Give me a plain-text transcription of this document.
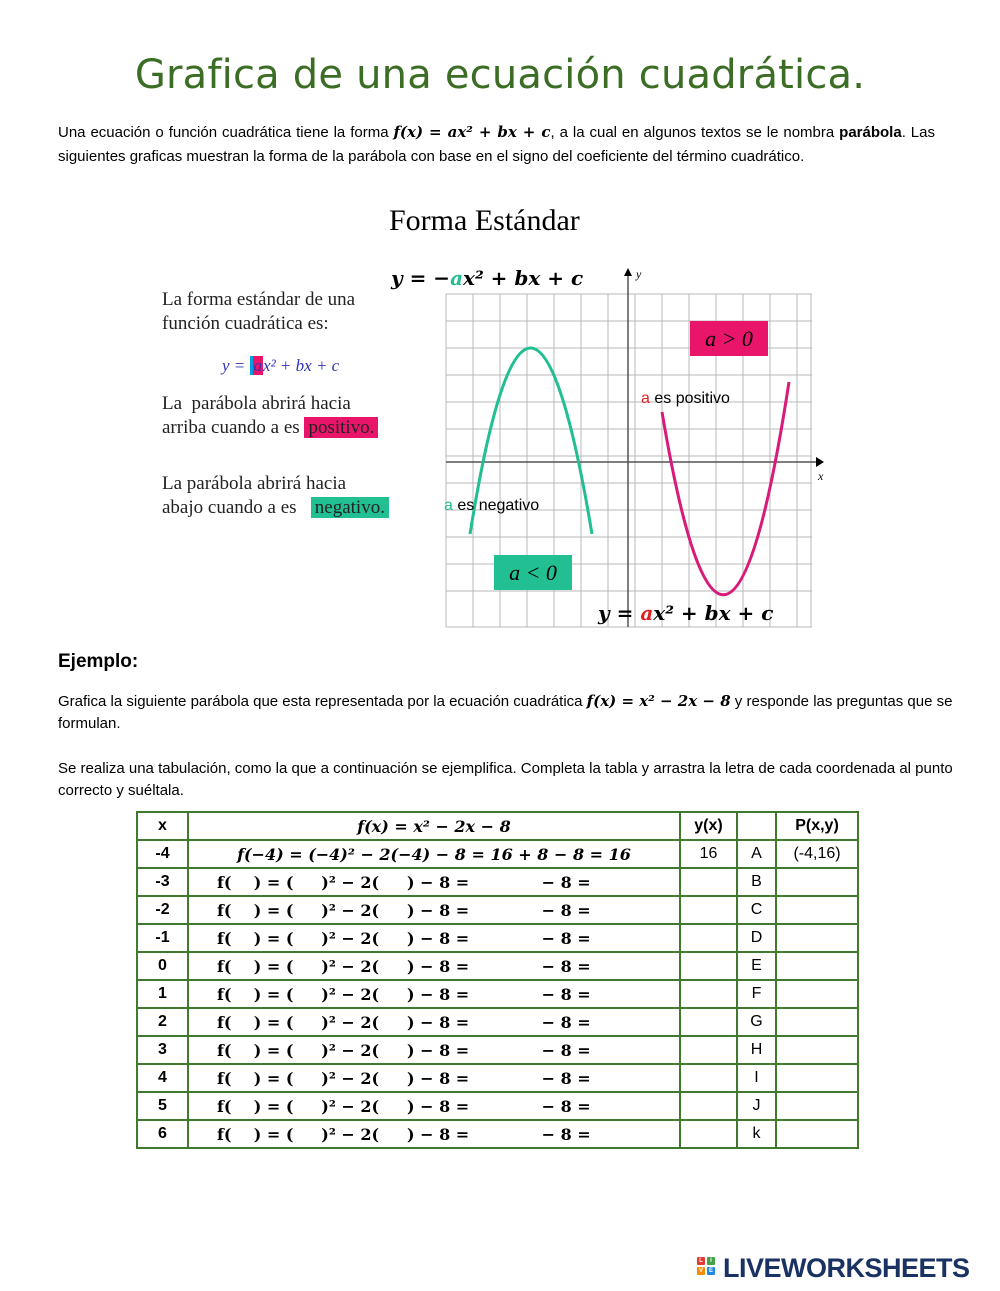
Grafica de una ecuación cuadrática.
Una ecuación o función cuadrática tiene la forma f(x) = ax² + bx + c, a la cual en algunos textos se le nombra parábola. Las siguientes graficas muestran la forma de la parábola con base en el signo del coeficiente del término cuadrático.
Forma Estándar
y = −ax² + bx + c
La forma estándar de una
función cuadrática es:
y = ax² + bx + c
La  parábola abrirá hacia
arriba cuando a es positivo.
La parábola abrirá hacia
abajo cuando a es   negativo.
y
x
a > 0
a < 0
a es positivo
a es negativo
y = ax² + bx + c
Ejemplo:
Grafica la siguiente parábola que esta representada por la ecuación cuadrática f(x) = x² − 2x − 8 y responde las preguntas que se formulan.
Se realiza una tabulación, como la que a continuación se ejemplifica. Completa la tabla y arrastra la letra de cada coordenada al punto correcto y suéltala.
x	f(x) = x² − 2x − 8	y(x)		P(x,y)
-4	f(−4) = (−4)² − 2(−4) − 8 = 16 + 8 − 8 = 16	16	A	(-4,16)
-3	f(    ) = (     )² − 2(     ) − 8 =             − 8 =		B	
-2	f(    ) = (     )² − 2(     ) − 8 =             − 8 =		C	
-1	f(    ) = (     )² − 2(     ) − 8 =             − 8 =		D	
0	f(    ) = (     )² − 2(     ) − 8 =             − 8 =		E	
1	f(    ) = (     )² − 2(     ) − 8 =             − 8 =		F	
2	f(    ) = (     )² − 2(     ) − 8 =             − 8 =		G	
3	f(    ) = (     )² − 2(     ) − 8 =             − 8 =		H	
4	f(    ) = (     )² − 2(     ) − 8 =             − 8 =		I	
5	f(    ) = (     )² − 2(     ) − 8 =             − 8 =		J	
6	f(    ) = (     )² − 2(     ) − 8 =             − 8 =		k	
L	I
V E LIVEWORKSHEETS
